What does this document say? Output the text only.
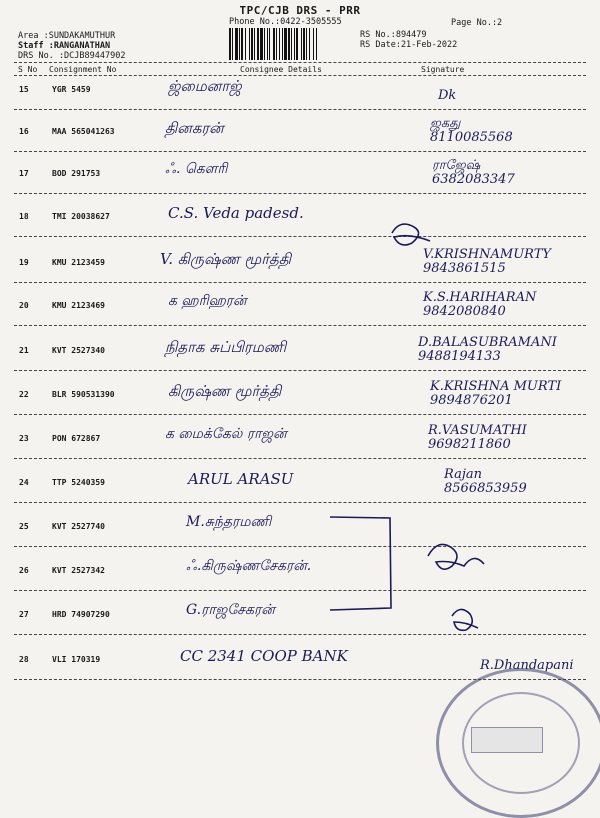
TPC/CJB DRS - PRR
Phone No.:0422-3505555	Page No.:2
Area :SUNDAKAMUTHUR
Staff :RANGANATHAN
DRS No. :DCJB89447902
RS No.:894479
RS Date:21-Feb-2022
S No Consignment No	Consignee Details	Signature
15	YGR 5459	ஜ்மைனாஜ்
Dk
16	MAA 565041263	தினகரன்	ஜகது
8110085568
17	BOD 291753	ஃ. கௌரி	ராஜேஷ்
6382083347
18	TMI 20038627	C.S. Veda padesd.
19	KMU 2123459	V. கிருஷ்ண மூர்த்தி	V.KRISHNAMURTY
9843861515
20	KMU 2123469	க ஹரிஹரன்	K.S.HARIHARAN
9842080840
21	KVT 2527340	நிதாக சுப்பிரமணி	D.BALASUBRAMANI
9488194133
22	BLR 590531390	கிருஷ்ண மூர்த்தி	K.KRISHNA MURTI
9894876201
23	PON 672867	க மைக்கேல் ராஜன்	R.VASUMATHI
9698211860
24	TTP 5240359	ARUL ARASU	Rajan
8566853959
25	KVT 2527740	M.சுந்தரமணி
26	KVT 2527342	ஃ.கிருஷ்ணசேகரன்.
27	HRD 74907290	G.ராஜசேகரன்
28	VLI 170319	CC 2341 COOP BANK
R.Dhandapani
